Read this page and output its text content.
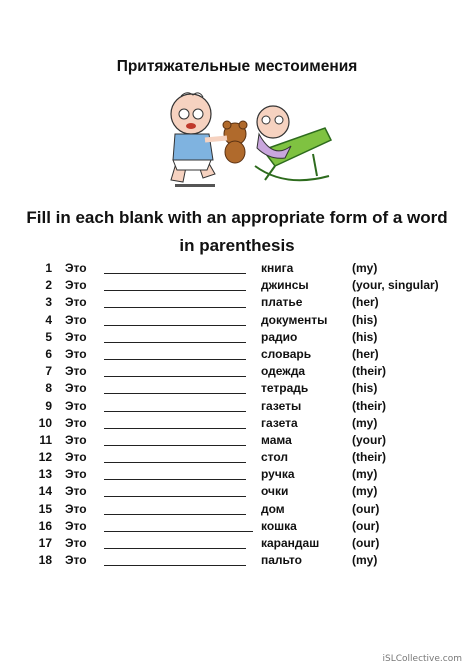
Притяжательные местоимения
Fill in each blank with an appropriate form of a word in parenthesis
1 Это	книга	(my)
2 Это	джинсы	(your, singular)
3 Это	платье	(her)
4 Это	документы (his)
5 Это	радио	(his)
6 Это	словарь	(her)
7 Это	одежда	(their)
8 Это	тетрадь	(his)
9 Это	газеты	(their)
10 Это	газета	(my)
11 Это	мама	(your)
12 Это	стол	(their)
13 Это	ручка	(my)
14 Это	очки	(my)
15 Это	дом	(our)
16 Это	кошка	(our)
17 Это	карандаш	(our)
18 Это	пальто	(my)
iSLCollective.com
